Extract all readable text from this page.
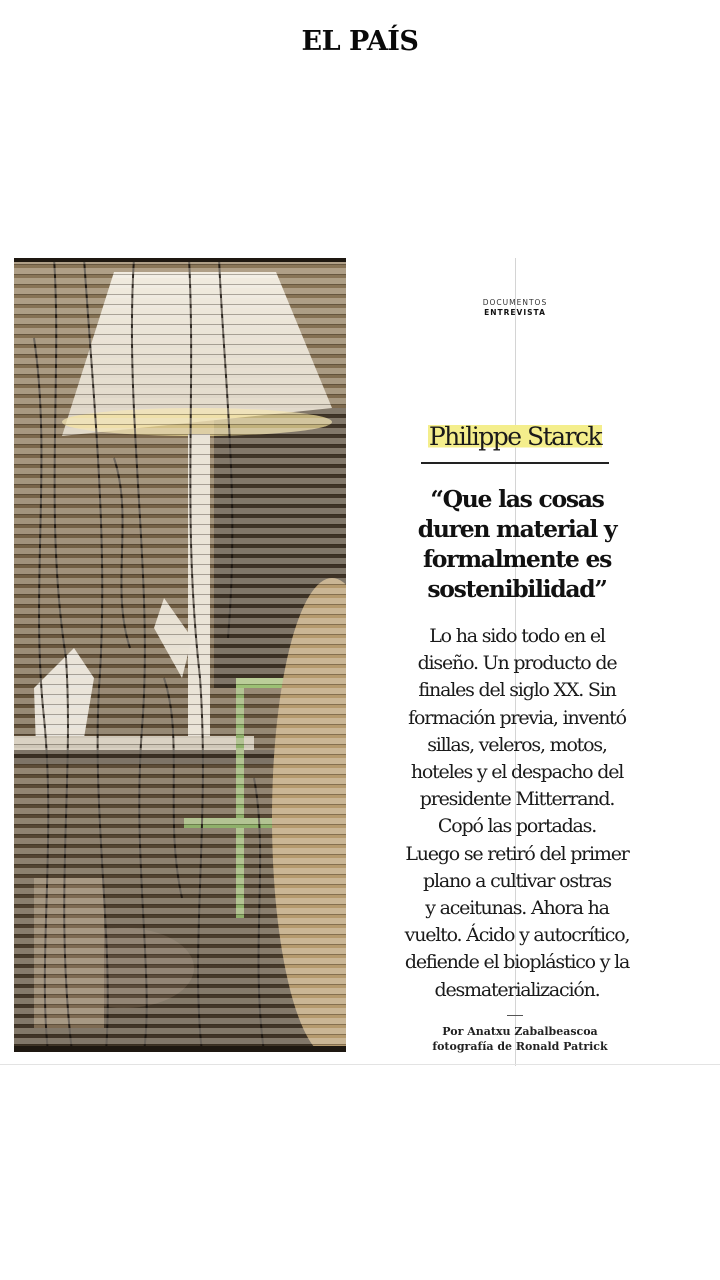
EL PAÍS
DOCUMENTOS
ENTREVISTA
Philippe Starck
“Que las cosas
duren material y
formalmente es
sostenibilidad”
Lo ha sido todo en el
diseño. Un producto de
finales del siglo XX. Sin
formación previa, inventó
sillas, veleros, motos,
hoteles y el despacho del
presidente Mitterrand.
Copó las portadas.
Luego se retiró del primer
plano a cultivar ostras
y aceitunas. Ahora ha
vuelto. Ácido y autocrítico,
defiende el bioplástico y la
desmaterialización.
Por Anatxu Zabalbeascoa
fotografía de Ronald Patrick
